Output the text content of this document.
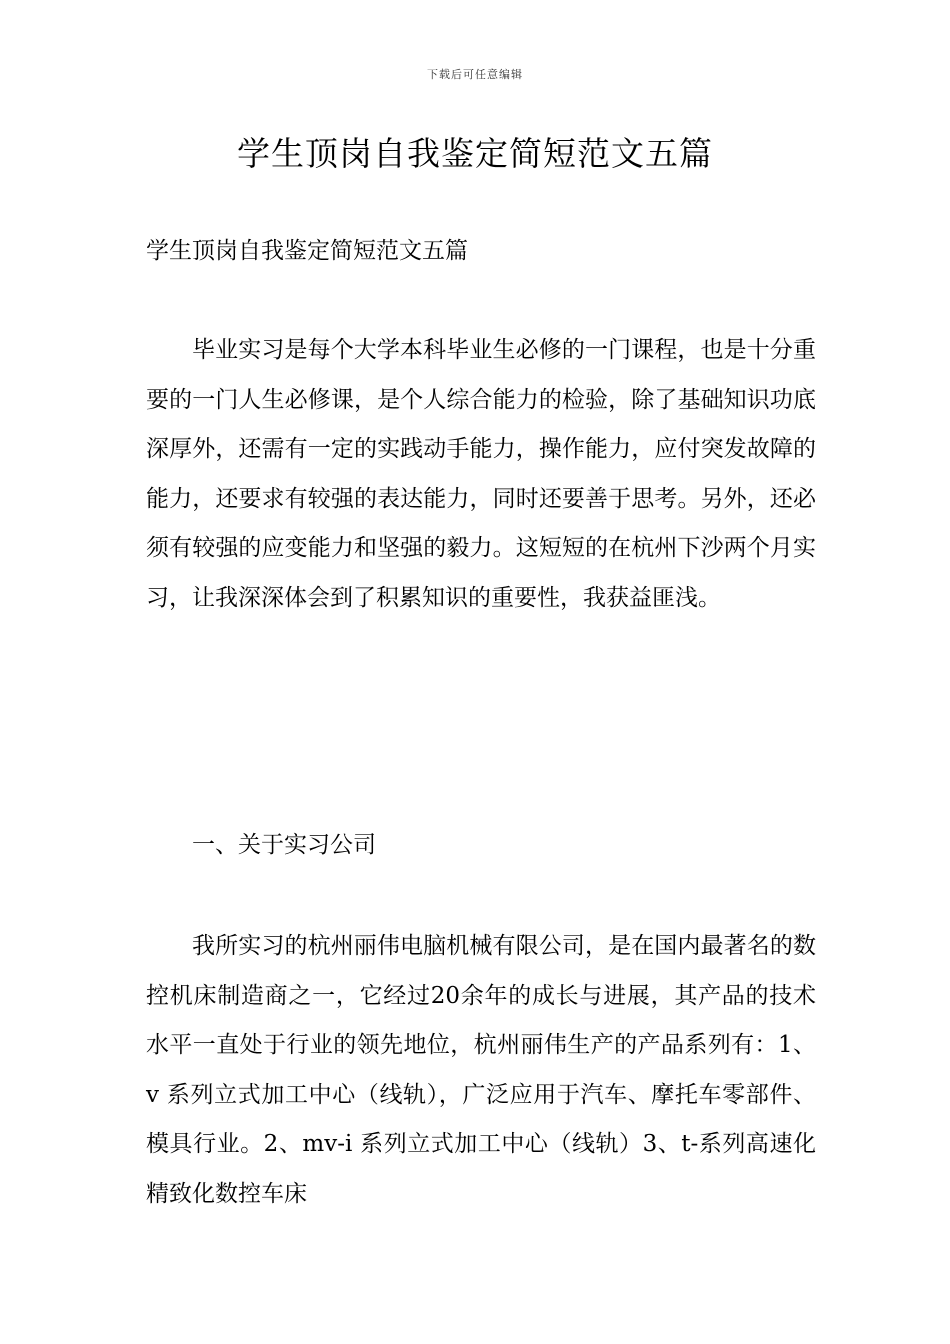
下载后可任意编辑
学生顶岗自我鉴定简短范文五篇

学生顶岗自我鉴定简短范文五篇

毕业实习是每个大学本科毕业生必修的一门课程，也是十分重要的一门人生必修课，是个人综合能力的检验，除了基础知识功底深厚外，还需有一定的实践动手能力，操作能力，应付突发故障的能力，还要求有较强的表达能力，同时还要善于思考。另外，还必须有较强的应变能力和坚强的毅力。这短短的在杭州下沙两个月实习，让我深深体会到了积累知识的重要性，我获益匪浅。

一、关于实习公司

我所实习的杭州丽伟电脑机械有限公司，是在国内最著名的数控机床制造商之一，它经过20余年的成长与进展，其产品的技术水平一直处于行业的领先地位，杭州丽伟生产的产品系列有：1、 v 系列立式加工中心（线轨），广泛应用于汽车、摩托车零部件、模具行业。2、mv-i 系列立式加工中心（线轨）3、t-系列高速化精致化数控车床
